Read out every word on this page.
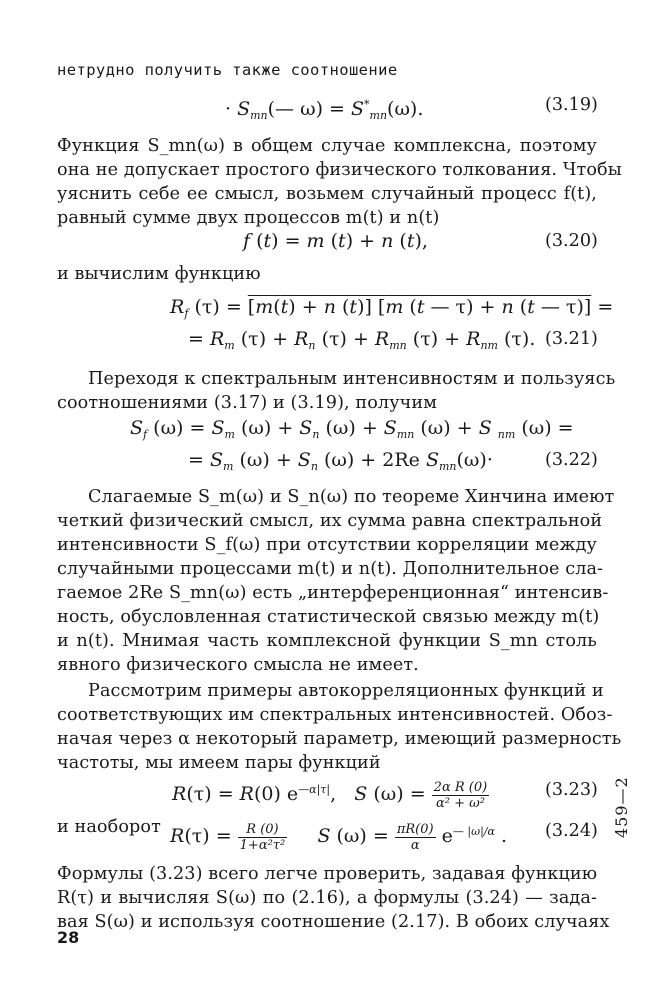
нетрудно получить также соотношение
· $S_{mn}(—$ $\omega) = S^*_{mn}(\omega)$.	(3.19)
Функция S_mn(ω) в общем случае комплексна, поэтому
она не допускает простого физического толкования. Чтобы
уяснить себе ее смысл, возьмем случайный процесс f(t),
равный сумме двух процессов m(t) и n(t)
f (t) = m (t) + n (t),	(3.20)
и вычислим функцию
$R_f$ (τ) = [m(t) + n (t)] [m (t — τ) + n (t — τ)] =
= $R_m$ $(\tau) + R_n$ $(\tau) + R_{mn}$ $(\tau) + R_{nm}$ (τ). (3.21)
Переходя к спектральным интенсивностям и пользуясь
соотношениями (3.17) и (3.19), получим
$S_f$ $(\omega) = S_m$ $(\omega) + S_n$ $(\omega) + S_{mn}$ (ω) + S $_{nm}$ (ω) =
= $S_m$ $(\omega) + S_n$ (ω) + 2Re $S_{mn}(\omega)\cdot$	(3.22)
Слагаемые S_m(ω) и S_n(ω) по теореме Хинчина имеют
четкий физический смысл, их сумма равна спектральной
интенсивности S_f(ω) при отсутствии корреляции между
случайными процессами m(t) и n(t). Дополнительное сла-
гаемое 2Re S_mn(ω) есть „интерференционная“ интенсив-
ность, обусловленная статистической связью между m(t)
и n(t). Мнимая часть комплексной функции S_mn столь
явного физического смысла не имеет.
Рассмотрим примеры автокорреляционных функций и
соответствующих им спектральных интенсивностей. Обоз-
начая через α некоторый параметр, имеющий размерность
частоты, мы имеем пары функций
R(τ) = R(0) $e^{—\alpha|\tau|}$,   S $(\omega) = \frac{\text{2α R (0)}}{\text{α² + ω²}}$	(3.23)
и наоборот $R(\tau) = \frac{R (0)}{\text{1+α²τ²}}$ S $(\omega) = \frac{\pi R(0)}{\alpha} e^{— |\omega|/\alpha}$ . (3.24)
Формулы (3.23) всего легче проверить, задавая функцию
R(τ) и вычисляя S(ω) по (2.16), а формулы (3.24) — зада-
вая S(ω) и используя соотношение (2.17). В обоих случаях
28
459—2
